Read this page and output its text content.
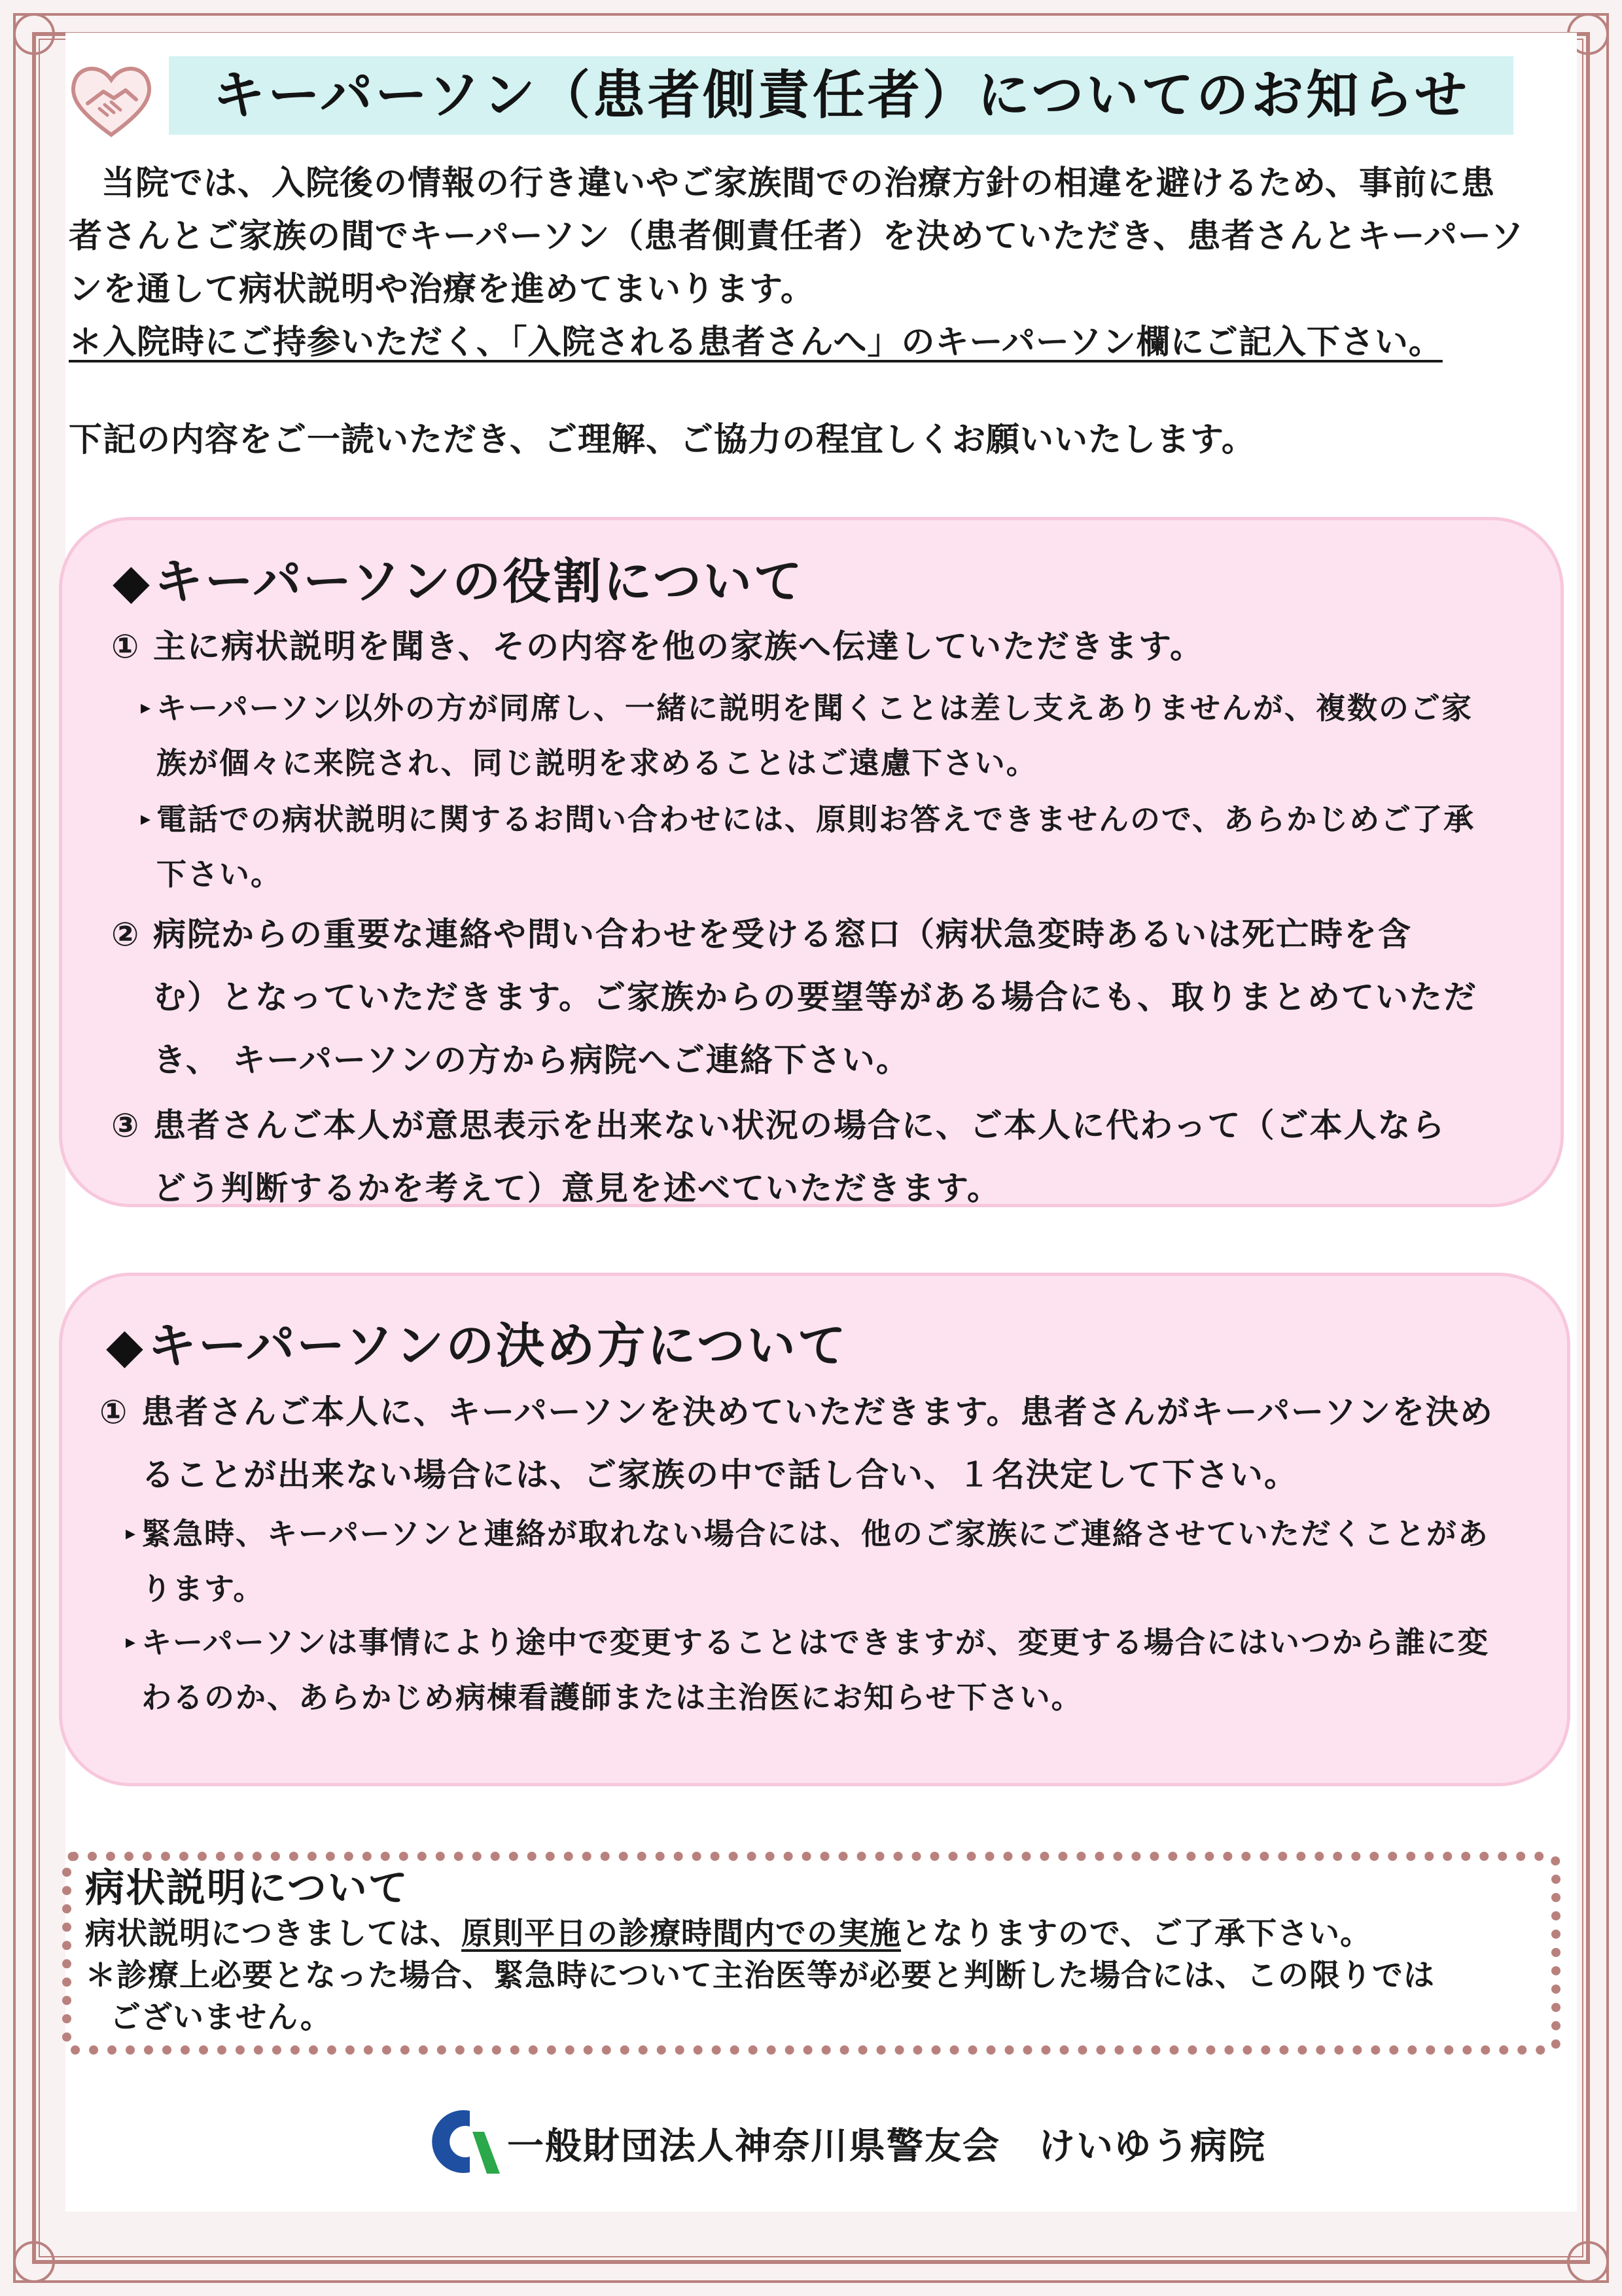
キーパーソン（患者側責任者）についてのお知らせ

当院では、入院後の情報の行き違いやご家族間での治療方針の相違を避けるため、事前に患

者さんとご家族の間でキーパーソン（患者側責任者）を決めていただき、患者さんとキーパーソ

ンを通して病状説明や治療を進めてまいります。

＊入院時にご持参いただく、「入院される患者さんへ」のキーパーソン欄にご記入下さい。

下記の内容をご一読いただき、ご理解、ご協力の程宜しくお願いいたします。
◆キーパーソンの役割について
① 主に病状説明を聞き、その内容を他の家族へ伝達していただきます。
▸ キーパーソン以外の方が同席し、一緒に説明を聞くことは差し支えありませんが、複数のご家
族が個々に来院され、同じ説明を求めることはご遠慮下さい。
▸ 電話での病状説明に関するお問い合わせには、原則お答えできませんので、あらかじめご了承
下さい。
② 病院からの重要な連絡や問い合わせを受ける窓口（病状急変時あるいは死亡時を含
む）となっていただきます。ご家族からの要望等がある場合にも、取りまとめていただ
き、 キーパーソンの方から病院へご連絡下さい。
③ 患者さんご本人が意思表示を出来ない状況の場合に、ご本人に代わって（ご本人なら
どう判断するかを考えて）意見を述べていただきます。
◆キーパーソンの決め方について
① 患者さんご本人に、キーパーソンを決めていただきます。患者さんがキーパーソンを決め
ることが出来ない場合には、ご家族の中で話し合い、１名決定して下さい。
▸ 緊急時、キーパーソンと連絡が取れない場合には、他のご家族にご連絡させていただくことがあ
ります。
▸ キーパーソンは事情により途中で変更することはできますが、変更する場合にはいつから誰に変
わるのか、あらかじめ病棟看護師または主治医にお知らせ下さい。
病状説明について
病状説明につきましては、原則平日の診療時間内での実施となりますので、ご了承下さい。
＊診療上必要となった場合、緊急時について主治医等が必要と判断した場合には、この限りでは
ございません。
一般財団法人神奈川県警友会　けいゆう病院
